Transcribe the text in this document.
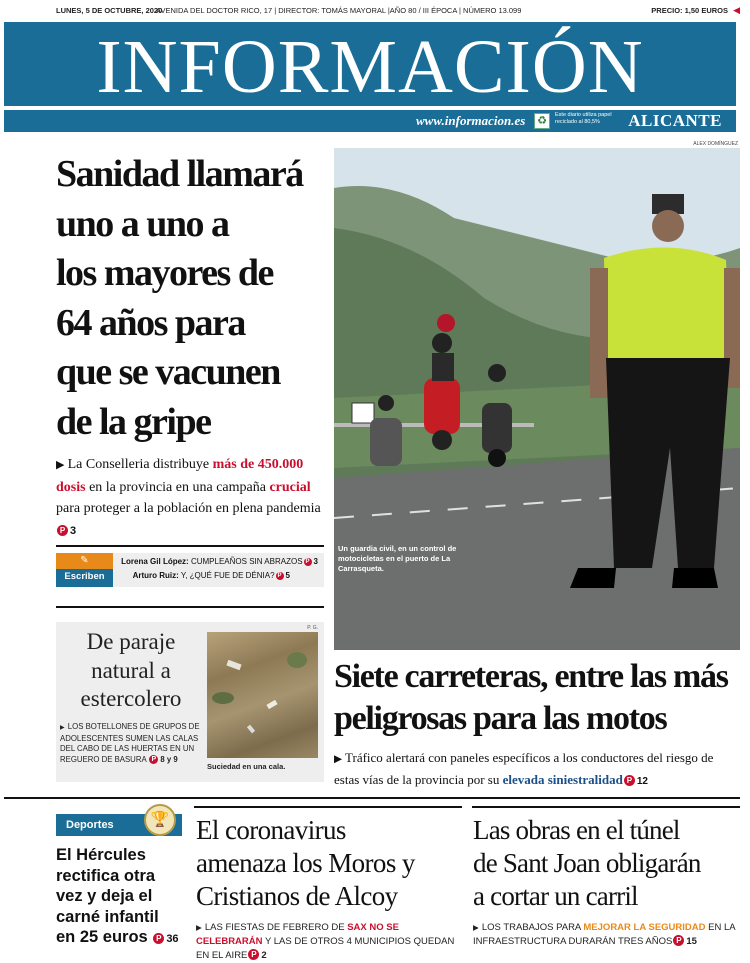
LUNES, 5 DE OCTUBRE, 2020
AVENIDA DEL DOCTOR RICO, 17 | DIRECTOR: TOMÁS MAYORAL |AÑO 80 / III ÉPOCA | NÚMERO 13.099	PRECIO: 1,50 EUROS ◀
INFORMACIÓN
www.informacion.es ♻	Este diario utiliza papel reciclado al 80,5%	ALICANTE
Sanidad llamará
uno a uno a
los mayores de
64 años para
que se vacunen
de la gripe
▶ La Conselleria distribuye más de 450.000 dosis en la provincia en una campaña crucial para proteger a la población en plena pandemiaP 3
✎
Escriben
Lorena Gil López: CUMPLEAÑOS SIN ABRAZOS P 3
Arturo Ruiz: Y, ¿QUÉ FUE DE DÉNIA? P 5
De paraje
natural a
estercolero
▶ LOS BOTELLONES DE GRUPOS DE ADOLESCENTES SUMEN LAS CALAS DEL CABO DE LAS HUERTAS EN UN REGUERO DE BASURA P 8 y 9
P. G.
Suciedad en una cala.
ALEX DOMÍNGUEZ
Un guardia civil, en un control de motocicletas en el puerto de La Carrasqueta.
Siete carreteras, entre las más
peligrosas para las motos
▶ Tráfico alertará con paneles específicos a los conductores del riesgo de estas vías de la provincia por su elevada siniestralidad P 12
Deportes	🏆
El Hércules
rectifica otra
vez y deja el
carné infantil
en 25 euros P 36
El coronavirus
amenaza los Moros y
Cristianos de Alcoy
▶ LAS FIESTAS DE FEBRERO DE SAX NO SE CELEBRARÁN Y LAS DE OTROS 4 MUNICIPIOS QUEDAN EN EL AIRE P 2
Las obras en el túnel
de Sant Joan obligarán
a cortar un carril
▶ LOS TRABAJOS PARA MEJORAR LA SEGURIDAD EN LA INFRAESTRUCTURA DURARÁN TRES AÑOS P 15
